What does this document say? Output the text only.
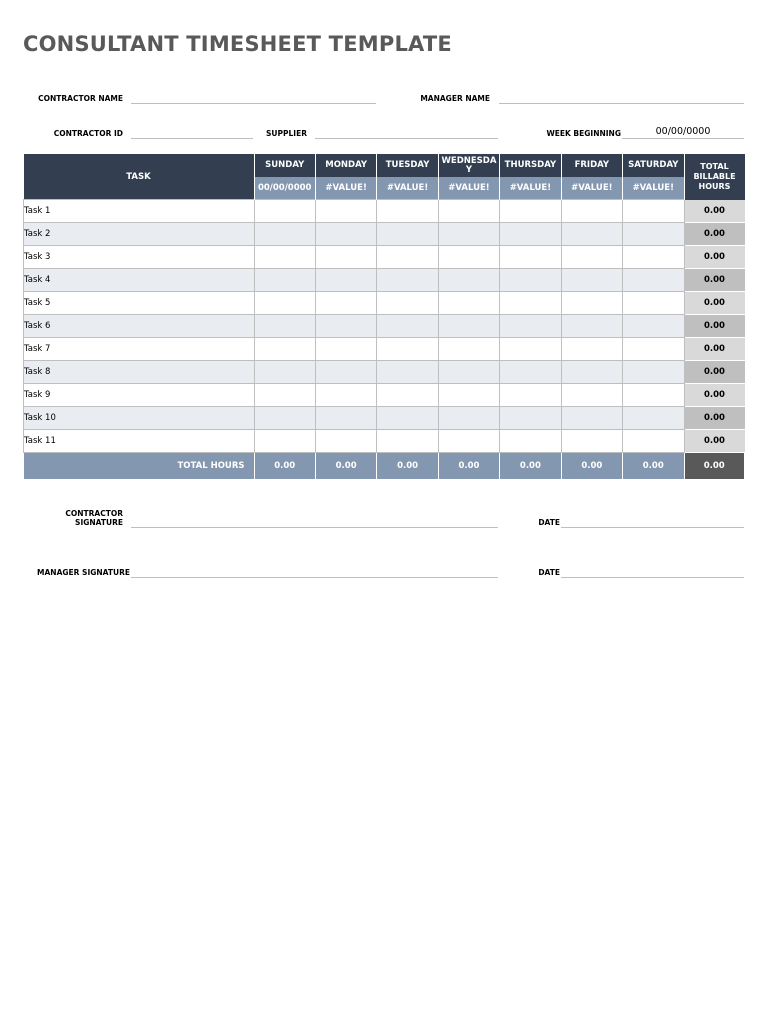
CONSULTANT TIMESHEET TEMPLATE
CONTRACTOR NAME	MANAGER NAME
CONTRACTOR ID	SUPPLIER	WEEK BEGINNING	00/00/0000
TASK	SUNDAY	MONDAY	TUESDAY	WEDNESDA Y	THURSDAY	FRIDAY	SATURDAY	TOTAL BILLABLE HOURS
	00/00/0000	#VALUE!	#VALUE!	#VALUE!	#VALUE!	#VALUE!	#VALUE!	
Task 1								0.00
Task 2								0.00
Task 3								0.00
Task 4								0.00
Task 5								0.00
Task 6								0.00
Task 7								0.00
Task 8								0.00
Task 9								0.00
Task 10								0.00
Task 11								0.00
TOTAL HOURS	0.00	0.00	0.00	0.00	0.00	0.00	0.00	0.00
CONTRACTOR SIGNATURE	DATE
MANAGER SIGNATURE	DATE
